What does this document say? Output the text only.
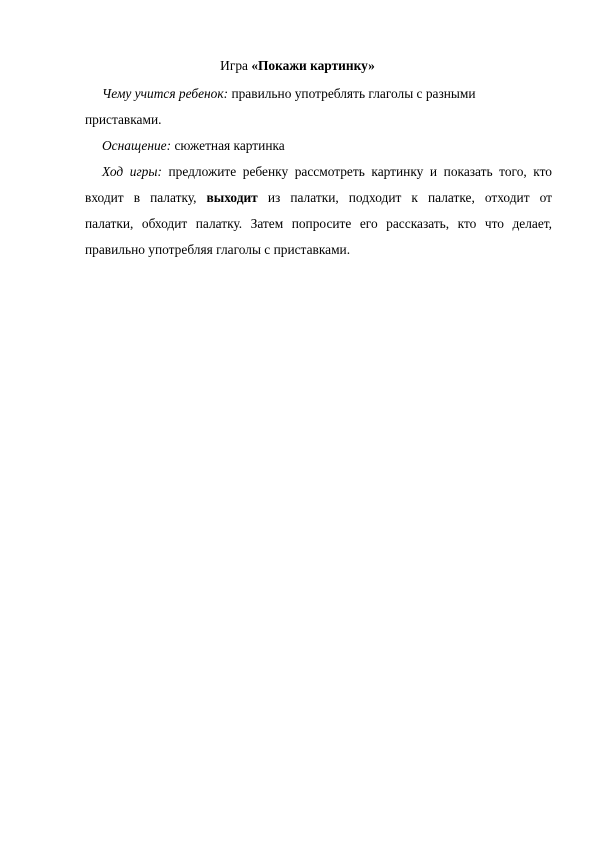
Игра «Покажи картинку»
Чему учится ребенок: правильно употреблять глаголы с разными приставками.
Оснащение: сюжетная картинка
Ход игры: предложите ребенку рассмотреть картинку и показать того, кто
входит в палатку, выходит из палатки, подходит к палатке, отходит от
палатки, обходит палатку. Затем попросите его рассказать, кто что делает,
правильно употребляя глаголы с приставками.
